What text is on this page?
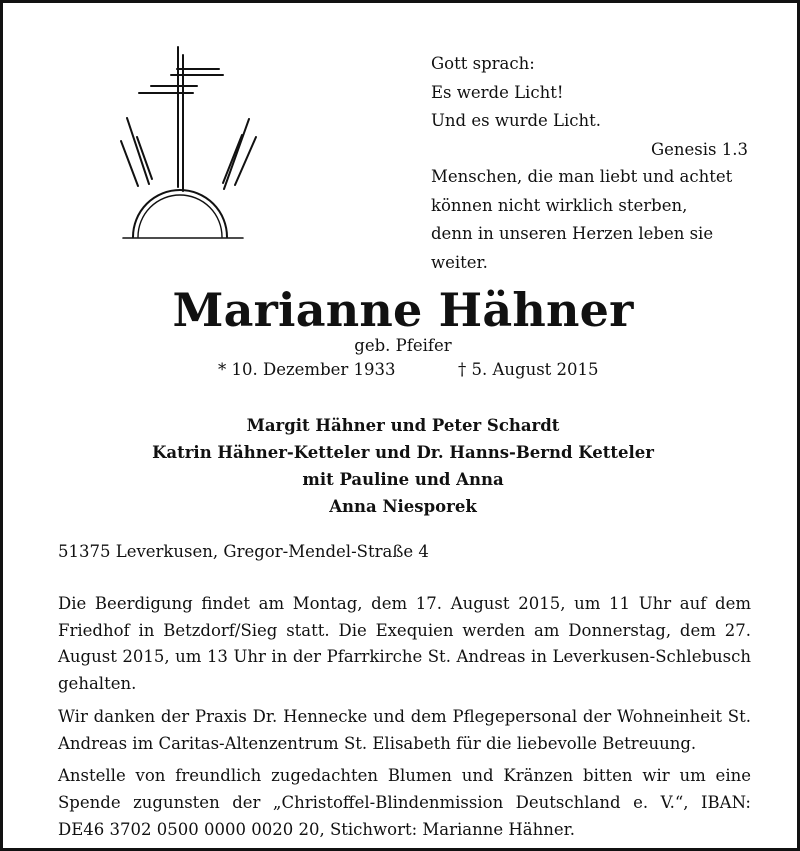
Gott sprach:
Es werde Licht!
Und es wurde Licht.
Genesis 1.3
Menschen, die man liebt und achtet
können nicht wirklich sterben,
denn in unseren Herzen leben sie weiter.
Marianne Hähner
geb. Pfeifer
* 10. Dezember 1933	† 5. August 2015
Margit Hähner und Peter Schardt
Katrin Hähner-Ketteler und Dr. Hanns-Bernd Ketteler
mit Pauline und Anna
Anna Niesporek
51375 Leverkusen, Gregor-Mendel-Straße 4

Die Beerdigung findet am Montag, dem 17. August 2015, um 11 Uhr auf dem Friedhof in Betzdorf/Sieg statt. Die Exequien werden am Donnerstag, dem 27. August 2015, um 13 Uhr in der Pfarrkirche St. Andreas in Leverkusen-Schlebusch gehalten.

Wir danken der Praxis Dr. Hennecke und dem Pflegepersonal der Wohneinheit St. Andreas im Caritas-Altenzentrum St. Elisabeth für die liebevolle Betreuung.

Anstelle von freundlich zugedachten Blumen und Kränzen bitten wir um eine Spende zugunsten der „Christoffel-Blindenmission Deutschland e. V.“, IBAN: DE46 3702 0500 0000 0020 20, Stichwort: Marianne Hähner.
